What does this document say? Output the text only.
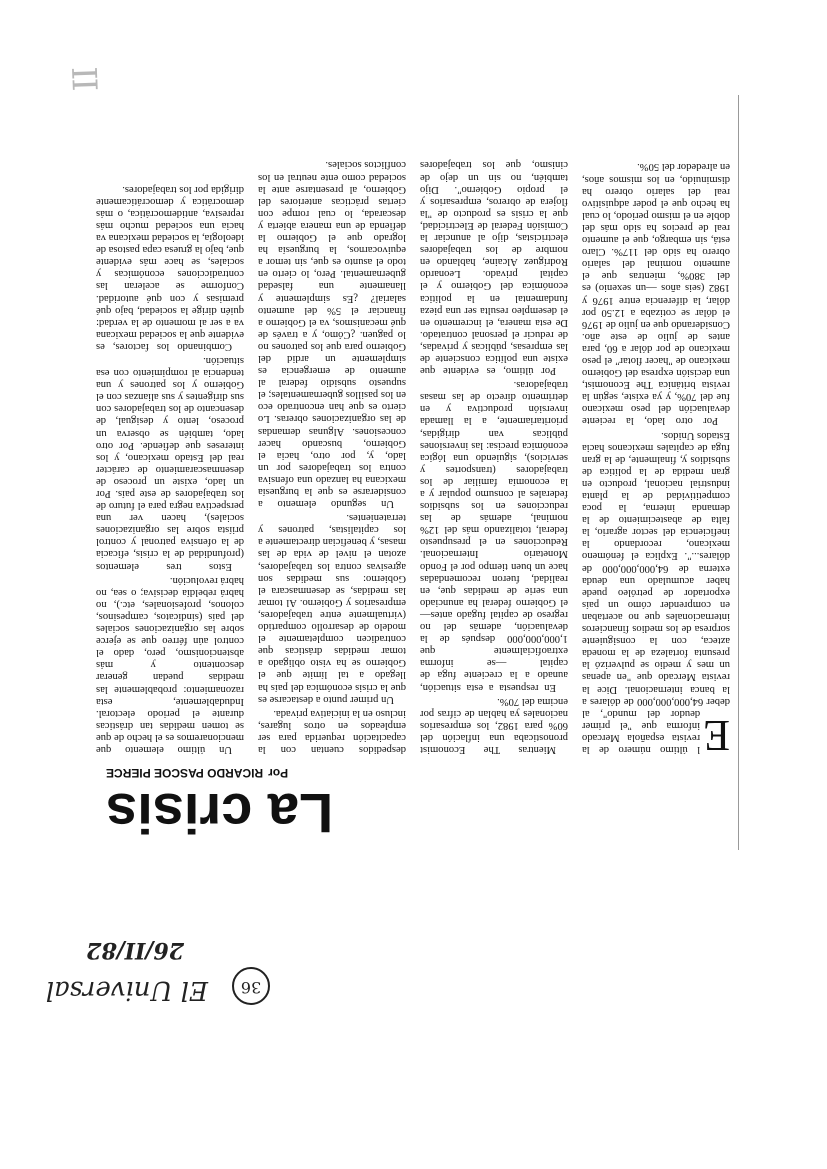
II
La crisis
PorRICARDO PASCOE PIERCE

E
l último número de la revista española Mercado informa que "el primer deudor del mundo", al deber 64,000,000,000 de dólares a la banca internacional. Dice la revista Mercado que "en apenas un mes y medio se pulverizó la presunta fortaleza de la moneda azteca, con la consiguiente sorpresa de los medios financieros internacionales que no acertaban en comprender cómo un país exportador de petróleo puede haber acumulado una deuda externa de 64,000,000,000 de dólares...". Explica el fenómeno mexicano, recordando la ineficiencia del sector agrario, la falta de abastecimiento de la demanda interna, la poca competitividad de la planta industrial nacional, producto en gran medida de la política de subsidios y, finalmente, de la gran fuga de capitales mexicanos hacia Estados Unidos.

Por otro lado, la reciente devaluación del peso mexicano fue del 70%, y ya existe, según la revista británica The Economist, una decisión expresa del Gobierno mexicano de "hacer flotar" el peso mexicano de por dólar a 60, para antes de julio de este año. Considerando que en julio de 1976 el dólar se cotizaba a 12.50 por dólar, la diferencia entre 1976 y 1982 (seis años —un sexenio) es del 380%, mientras que el aumento nominal del salario obrero ha sido del 117%. Claro está, sin embargo, que el aumento real de precios ha sido más del doble en el mismo periodo, lo cual ha hecho que el poder adquisitivo real del salario obrero ha disminuido, en los mismos años, en alrededor del 50%.

Mientras The Economist pronosticaba una inflación del 60% para 1982, los empresarios nacionales ya hablan de cifras por encima del 70%.

En respuesta a esta situación, aunado a la creciente fuga de capital —se informa extraoficialmente que 1,000,000,000 después de la devaluación, además del no regreso de capital fugado antes— el Gobierno federal ha anunciado una serie de medidas que, en realidad, fueron recomendadas hace un buen tiempo por el Fondo Monetario Internacional. Reducciones en el presupuesto federal, totalizando más del 12% nominal, además de las reducciones en los subsidios federales al consumo popular y a la economía familiar de los trabajadores (transportes y servicios), siguiendo una lógica económica precisa: las inversiones públicas van dirigidas, prioritariamente, a la llamada inversión productiva y en detrimento directo de las masas trabajadoras.

Por último, es evidente que existe una política consciente de las empresas, públicas y privadas, de reducir el personal contratado. De esta manera, el incremento en el desempleo resulta ser una pieza fundamental en la política económica del Gobierno y el capital privado. Leonardo Rodríguez Alcaine, hablando en nombre de los trabajadores electricistas, dijo al anunciar la Comisión Federal de Electricidad, que la crisis es producto de "la flojera de obreros, empresarios y el propio Gobierno". Dijo también, no sin un dejo de cinismo, que los trabajadores despedidos cuentan con la capacitación requerida para ser empleados en otros lugares, incluso en la iniciativa privada.

Un primer punto a destacarse es que la crisis económica del país ha llegado a tal límite que el Gobierno se ha visto obligado a tomar medidas drásticas que contradicen completamente el modelo de desarrollo compartido (virtualmente entre trabajadores, empresarios y Gobierno. Al tomar las medidas, se desenmascara el Gobierno: sus medidas son agresivas contra los trabajadores, azotan el nivel de vida de las masas, y benefician directamente a los capitalistas, patrones y terratenientes.

Un segundo elemento a considerarse es que la burguesía mexicana ha lanzado una ofensiva contra los trabajadores por un lado, y, por otro, hacia el Gobierno, buscando hacer concesiones. Algunas demandas de las organizaciones obreras. Lo cierto es que han encontrado eco en los pasillos gubernamentales; el supuesto subsidio federal al aumento de emergencia es simplemente un ardid del Gobierno para que los patrones no lo paguen. ¿Cómo, y a través de qué mecanismos, va el Gobierno a financiar el 5% del aumento salarial? ¿Es simplemente y llanamente una falsedad gubernamental. Pero, lo cierto en todo el asunto es que, sin temor a equivocarnos, la burguesía ha logrado que el Gobierno la defienda de una manera abierta y descarada, lo cual rompe con ciertas prácticas anteriores del Gobierno, al presentarse ante la sociedad como ente neutral en los conflictos sociales.

Un último elemento que mencionaremos es el hecho de que se tomen medidas tan drásticas durante el periodo electoral. Indudablemente, esta razonamiento: probablemente las medidas puedan generar descontento y más abstencionismo, pero, dado el control aún férreo que se ejerce sobre las organizaciones sociales del país (sindicatos, campesinos, colonos, profesionales, etc.), no habrá rebeldía decisiva; o sea, no habrá revolución.

Estos tres elementos (profundidad de la crisis, eficacia de la ofensiva patronal y control priísta sobre las organizaciones sociales), hacen ver una perspectiva negra para el futuro de los trabajadores de este país. Por un lado, existe un proceso de desenmascaramiento de carácter real del Estado mexicano, y los intereses que defiende. Por otro lado, también se observa un proceso, lento y desigual, de desencanto de los trabajadores con sus dirigentes y sus alianzas con el Gobierno y los patrones y una tendencia al rompimiento con esa situación.

Combinando los factores, es evidente que la sociedad mexicana va a ser al momento de la verdad: quién dirige la sociedad, bajo qué premisas y con qué autoridad. Conforme se aceleran las contradicciones económicas y sociales, se hace más evidente que, bajo la gruesa capa pastosa de ideología, la sociedad mexicana va hacia una sociedad mucho más represiva, antidemocrática, o más democrática y democráticamente dirigida por los trabajadores.

36
El Universal
26/II/82
